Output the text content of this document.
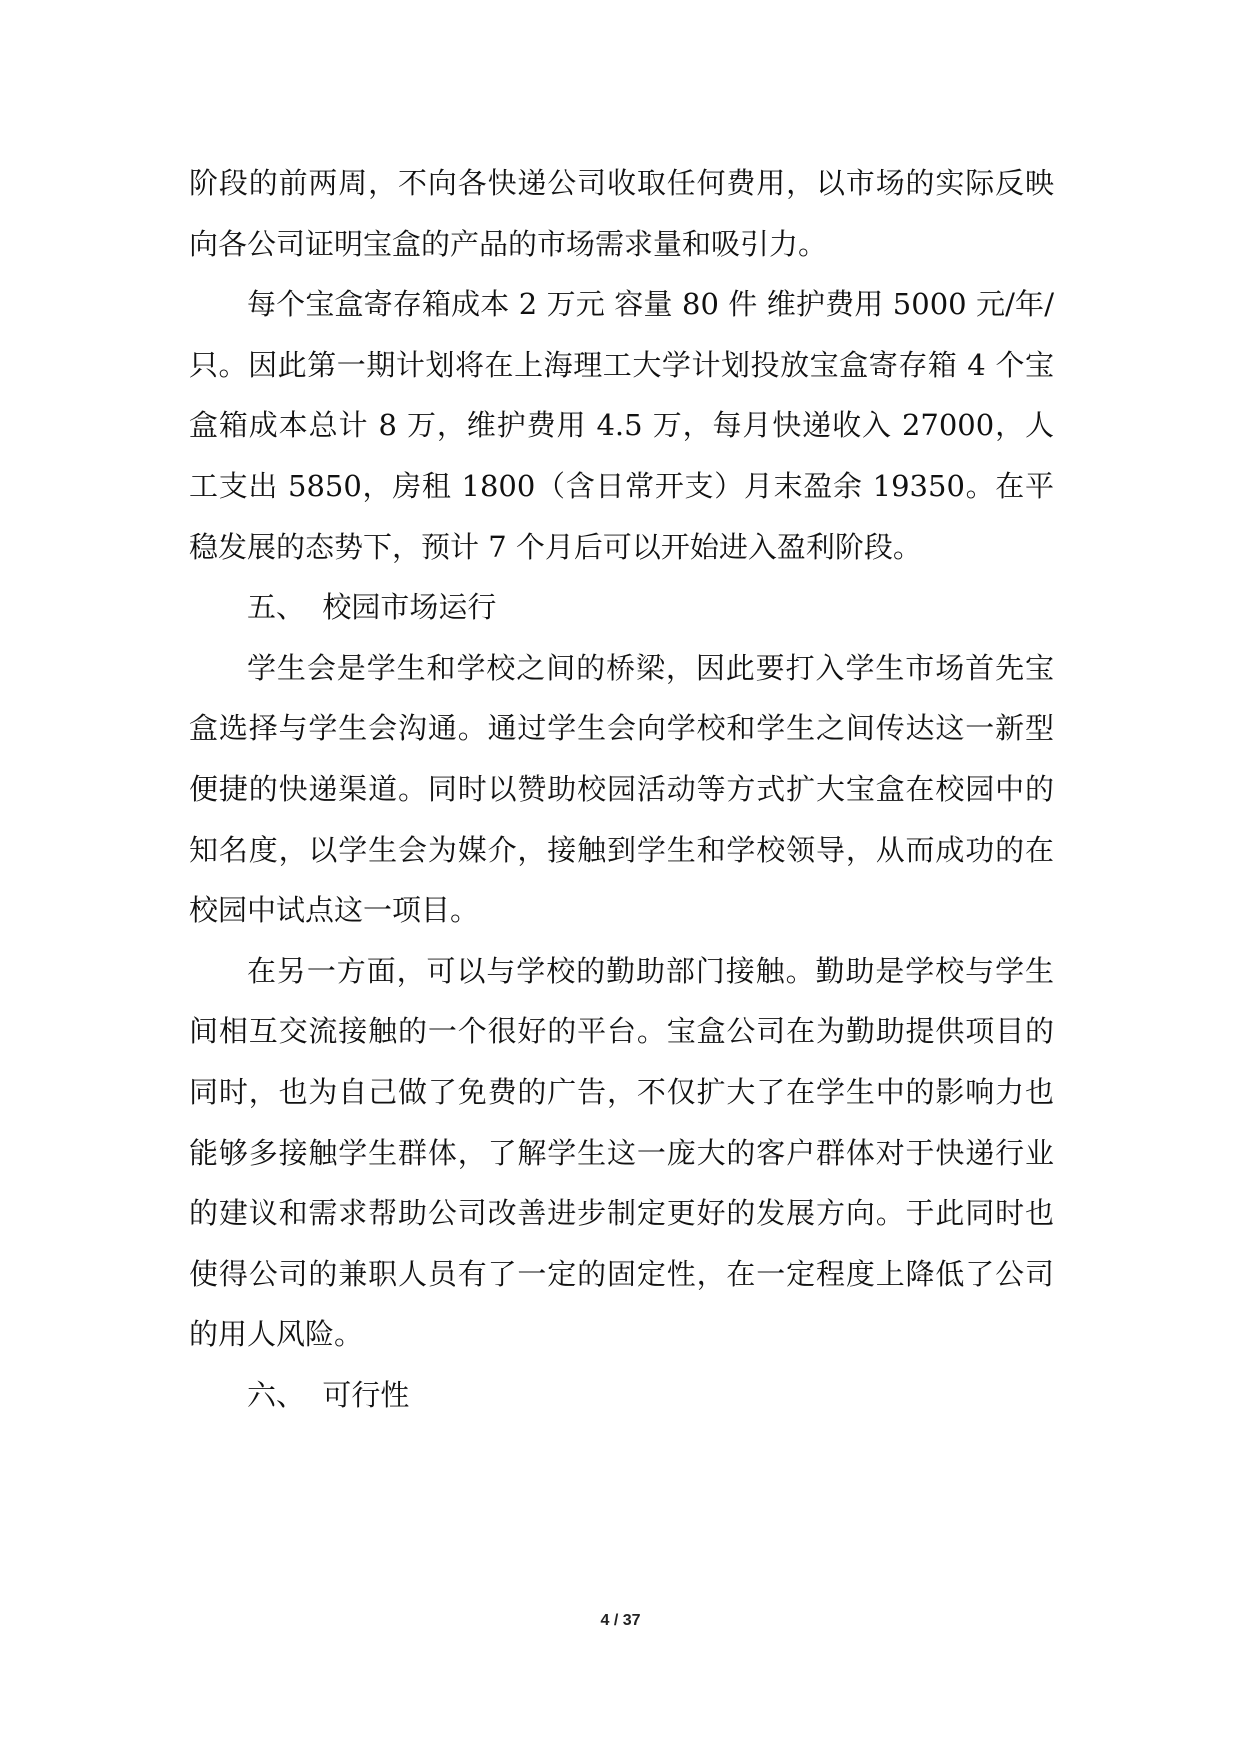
阶段的前两周，不向各快递公司收取任何费用，以市场的实际反映向各公司证明宝盒的产品的市场需求量和吸引力。

每个宝盒寄存箱成本 2 万元 容量 80 件 维护费用 5000 元/年/只。因此第一期计划将在上海理工大学计划投放宝盒寄存箱 4 个宝盒箱成本总计 8 万，维护费用 4.5 万，每月快递收入 27000，人工支出 5850，房租 1800（含日常开支）月末盈余 19350。在平稳发展的态势下，预计 7 个月后可以开始进入盈利阶段。

五、 校园市场运行

学生会是学生和学校之间的桥梁，因此要打入学生市场首先宝盒选择与学生会沟通。通过学生会向学校和学生之间传达这一新型便捷的快递渠道。同时以赞助校园活动等方式扩大宝盒在校园中的知名度，以学生会为媒介，接触到学生和学校领导，从而成功的在校园中试点这一项目。

在另一方面，可以与学校的勤助部门接触。勤助是学校与学生间相互交流接触的一个很好的平台。宝盒公司在为勤助提供项目的同时，也为自己做了免费的广告，不仅扩大了在学生中的影响力也能够多接触学生群体，了解学生这一庞大的客户群体对于快递行业的建议和需求帮助公司改善进步制定更好的发展方向。于此同时也使得公司的兼职人员有了一定的固定性，在一定程度上降低了公司的用人风险。

六、 可行性

4 / 37
